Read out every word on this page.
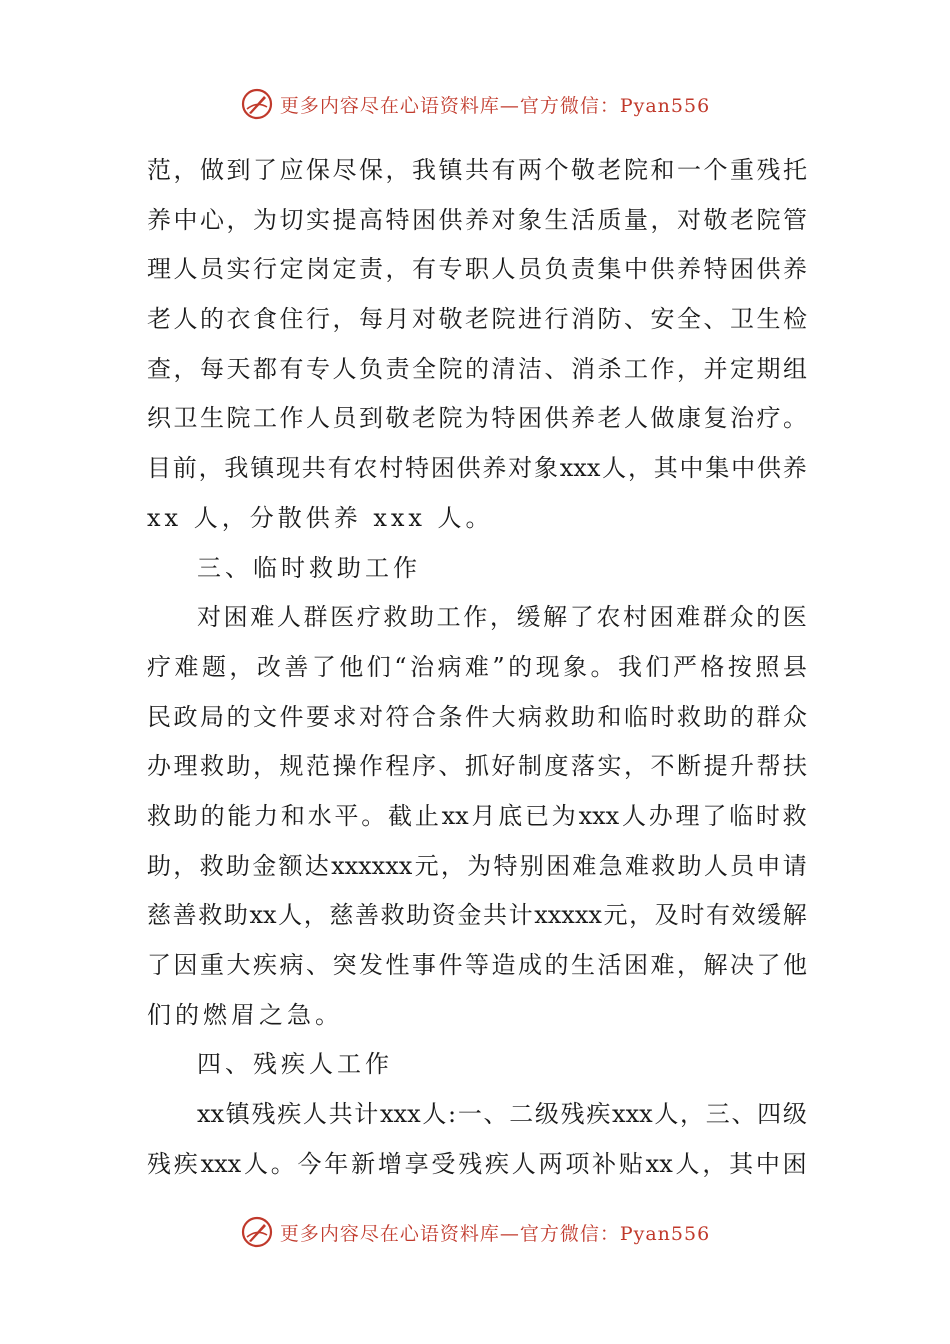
更多内容尽在心语资料库—官方微信：Pyan556
范 ， 做 到 了 应 保 尽 保 ， 我 镇 共 有 两 个 敬 老 院 和 一 个 重 残 托
养 中 心 ， 为 切 实 提 高 特 困 供 养 对 象 生 活 质 量 ， 对 敬 老 院 管
理 人 员 实 行 定 岗 定 责 ， 有 专 职 人 员 负 责 集 中 供 养 特 困 供 养
老 人 的 衣 食 住 行 ， 每 月 对 敬 老 院 进 行 消 防 、 安 全 、 卫 生 检
查 ， 每 天 都 有 专 人 负 责 全 院 的 清 洁 、 消 杀 工 作 ， 并 定 期 组
织 卫 生 院 工 作 人 员 到 敬 老 院 为 特 困 供 养 老 人 做 康 复 治 疗 。
目 前 ， 我 镇 现 共 有 农 村 特 困 供 养 对 象 xxx 人 ， 其 中 集 中 供 养
xx 人，分散供养 xxx 人。
三、临时救助工作
对 困 难 人 群 医 疗 救 助 工 作 ， 缓 解 了 农 村 困 难 群 众 的 医
疗 难 题 ， 改 善 了 他 们 “ 治 病 难 ” 的 现 象 。 我 们 严 格 按 照 县
民 政 局 的 文 件 要 求 对 符 合 条 件 大 病 救 助 和 临 时 救 助 的 群 众
办 理 救 助 ， 规 范 操 作 程 序 、 抓 好 制 度 落 实 ， 不 断 提 升 帮 扶
救 助 的 能 力 和 水 平 。 截 止 xx 月 底 已 为 xxx 人 办 理 了 临 时 救
助 ， 救 助 金 额 达 xxxxxx 元 ， 为 特 别 困 难 急 难 救 助 人 员 申 请
慈 善 救 助 xx 人 ， 慈 善 救 助 资 金 共 计 xxxxx 元 ， 及 时 有 效 缓 解
了 因 重 大 疾 病 、 突 发 性 事 件 等 造 成 的 生 活 困 难 ， 解 决 了 他
们的燃眉之急。
四、残疾人工作
xx 镇 残 疾 人 共 计 xxx 人 : 一 、 二 级 残 疾 xxx 人 ， 三 、 四 级
残 疾 xxx 人 。 今 年 新 增 享 受 残 疾 人 两 项 补 贴 xx 人 ， 其 中 困
更多内容尽在心语资料库—官方微信：Pyan556
